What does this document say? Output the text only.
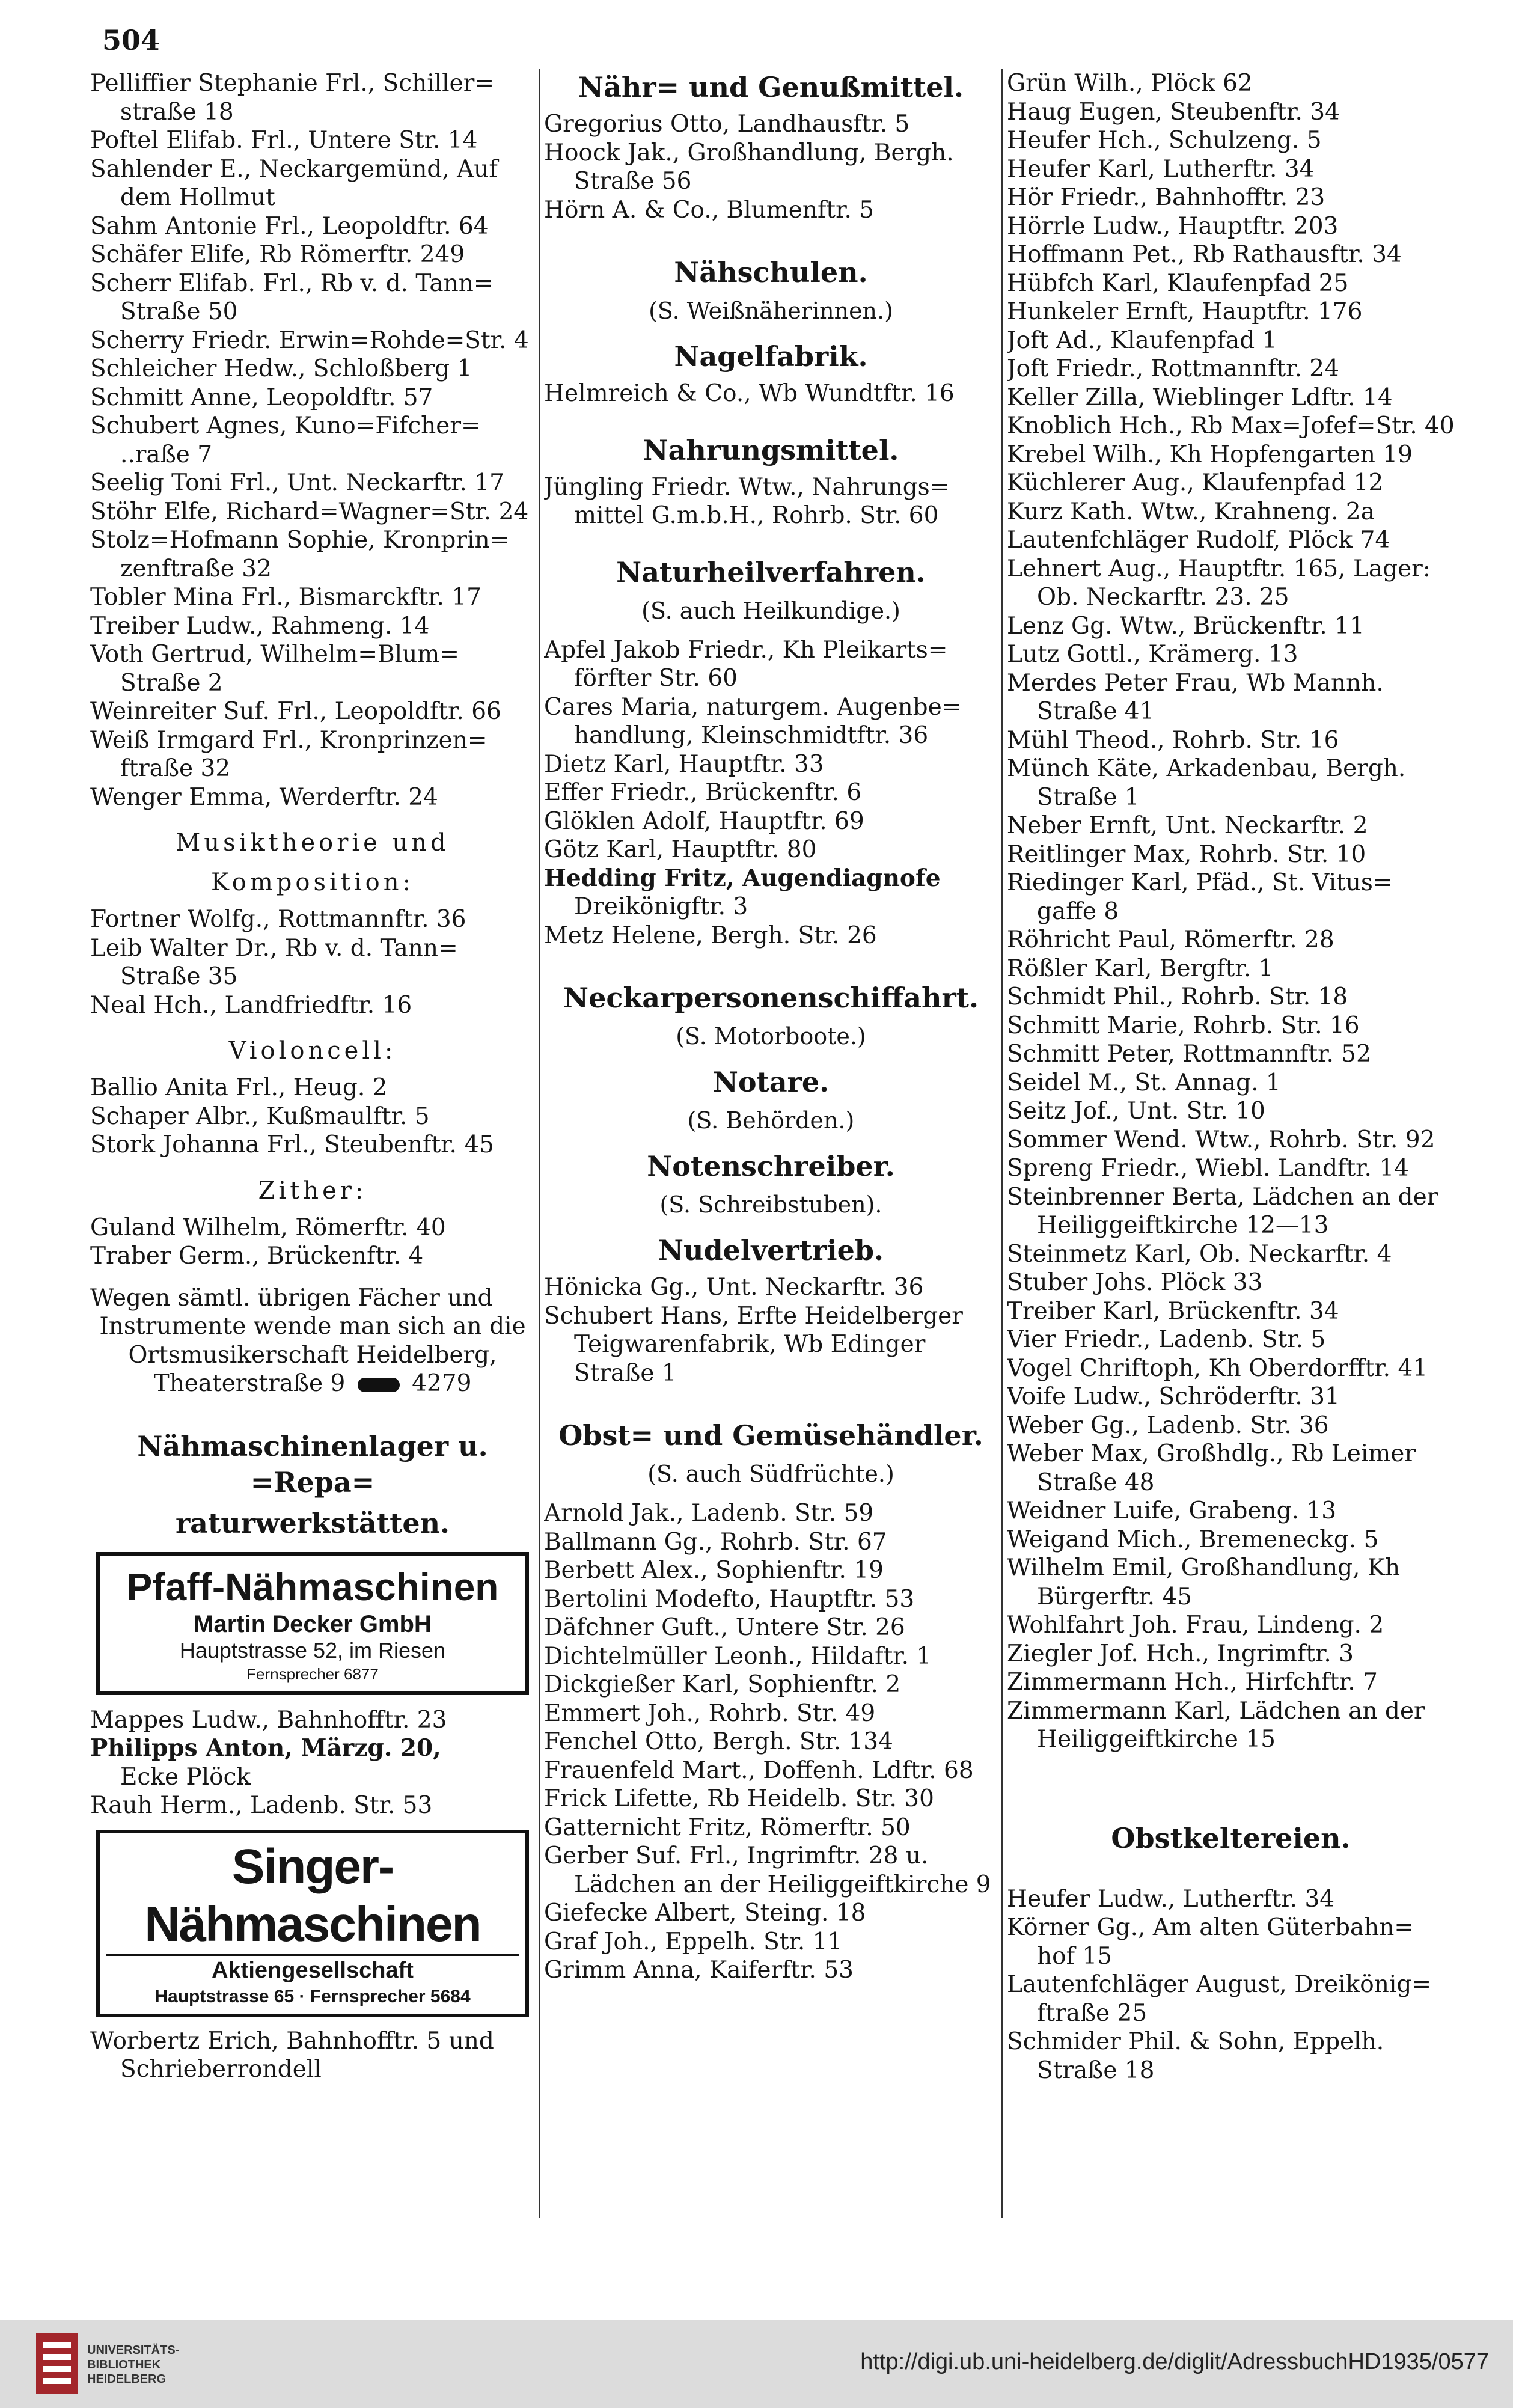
504
Pelliffier Stephanie Frl., Schiller=
straße 18
Poftel Elifab. Frl., Untere Str. 14
Sahlender E., Neckargemünd, Auf
dem Hollmut
Sahm Antonie Frl., Leopoldftr. 64
Schäfer Elife, Rb Römerftr. 249
Scherr Elifab. Frl., Rb v. d. Tann=
Straße 50
Scherry Friedr. Erwin=Rohde=Str. 4
Schleicher Hedw., Schloßberg 1
Schmitt Anne, Leopoldftr. 57
Schubert Agnes, Kuno=Fifcher=
..raße 7
Seelig Toni Frl., Unt. Neckarftr. 17
Stöhr Elfe, Richard=Wagner=Str. 24
Stolz=Hofmann Sophie, Kronprin=
zenftraße 32
Tobler Mina Frl., Bismarckftr. 17
Treiber Ludw., Rahmeng. 14
Voth Gertrud, Wilhelm=Blum=
Straße 2
Weinreiter Suf. Frl., Leopoldftr. 66
Weiß Irmgard Frl., Kronprinzen=
ftraße 32
Wenger Emma, Werderftr. 24
Musiktheorie und
Komposition:
Fortner Wolfg., Rottmannftr. 36
Leib Walter Dr., Rb v. d. Tann=
Straße 35
Neal Hch., Landfriedftr. 16
Violoncell:
Ballio Anita Frl., Heug. 2
Schaper Albr., Kußmaulftr. 5
Stork Johanna Frl., Steubenftr. 45
Zither:
Guland Wilhelm, Römerftr. 40
Traber Germ., Brückenftr. 4
Wegen sämtl. übrigen Fächer und
Instrumente wende man sich an die
Ortsmusikerschaft Heidelberg,
Theaterstraße 9	4279
Nähmaschinenlager u. =Repa=
raturwerkstätten.
Pfaff-Nähmaschinen
Martin Decker GmbH
Hauptstrasse 52, im Riesen
Fernsprecher 6877
Mappes Ludw., Bahnhofftr. 23
Philipps Anton, Märzg. 20,
Ecke Plöck
Rauh Herm., Ladenb. Str. 53
Singer-Nähmaschinen
Aktiengesellschaft
Hauptstrasse 65 · Fernsprecher 5684
Worbertz Erich, Bahnhofftr. 5 und
Schrieberrondell
Nähr= und Genußmittel.
Gregorius Otto, Landhausftr. 5
Hoock Jak., Großhandlung, Bergh.
Straße 56
Hörn A. & Co., Blumenftr. 5
Nähschulen.
(S. Weißnäherinnen.)
Nagelfabrik.
Helmreich & Co., Wb Wundtftr. 16
Nahrungsmittel.
Jüngling Friedr. Wtw., Nahrungs=
mittel G.m.b.H., Rohrb. Str. 60
Naturheilverfahren.
(S. auch Heilkundige.)
Apfel Jakob Friedr., Kh Pleikarts=
förfter Str. 60
Cares Maria, naturgem. Augenbe=
handlung, Kleinschmidtftr. 36
Dietz Karl, Hauptftr. 33
Effer Friedr., Brückenftr. 6
Glöklen Adolf, Hauptftr. 69
Götz Karl, Hauptftr. 80
Hedding Fritz, Augendiagnofe
Dreikönigftr. 3
Metz Helene, Bergh. Str. 26
Neckarpersonenschiffahrt.
(S. Motorboote.)
Notare.
(S. Behörden.)
Notenschreiber.
(S. Schreibstuben).
Nudelvertrieb.
Hönicka Gg., Unt. Neckarftr. 36
Schubert Hans, Erfte Heidelberger
Teigwarenfabrik, Wb Edinger
Straße 1
Obst= und Gemüsehändler.
(S. auch Südfrüchte.)
Arnold Jak., Ladenb. Str. 59
Ballmann Gg., Rohrb. Str. 67
Berbett Alex., Sophienftr. 19
Bertolini Modefto, Hauptftr. 53
Däfchner Guft., Untere Str. 26
Dichtelmüller Leonh., Hildaftr. 1
Dickgießer Karl, Sophienftr. 2
Emmert Joh., Rohrb. Str. 49
Fenchel Otto, Bergh. Str. 134
Frauenfeld Mart., Doffenh. Ldftr. 68
Frick Lifette, Rb Heidelb. Str. 30
Gatternicht Fritz, Römerftr. 50
Gerber Suf. Frl., Ingrimftr. 28 u.
Lädchen an der Heiliggeiftkirche 9
Giefecke Albert, Steing. 18
Graf Joh., Eppelh. Str. 11
Grimm Anna, Kaiferftr. 53
Grün Wilh., Plöck 62
Haug Eugen, Steubenftr. 34
Heufer Hch., Schulzeng. 5
Heufer Karl, Lutherftr. 34
Hör Friedr., Bahnhofftr. 23
Hörrle Ludw., Hauptftr. 203
Hoffmann Pet., Rb Rathausftr. 34
Hübfch Karl, Klaufenpfad 25
Hunkeler Ernft, Hauptftr. 176
Joft Ad., Klaufenpfad 1
Joft Friedr., Rottmannftr. 24
Keller Zilla, Wieblinger Ldftr. 14
Knoblich Hch., Rb Max=Jofef=Str. 40
Krebel Wilh., Kh Hopfengarten 19
Küchlerer Aug., Klaufenpfad 12
Kurz Kath. Wtw., Krahneng. 2a
Lautenfchläger Rudolf, Plöck 74
Lehnert Aug., Hauptftr. 165, Lager:
Ob. Neckarftr. 23. 25
Lenz Gg. Wtw., Brückenftr. 11
Lutz Gottl., Krämerg. 13
Merdes Peter Frau, Wb Mannh.
Straße 41
Mühl Theod., Rohrb. Str. 16
Münch Käte, Arkadenbau, Bergh.
Straße 1
Neber Ernft, Unt. Neckarftr. 2
Reitlinger Max, Rohrb. Str. 10
Riedinger Karl, Pfäd., St. Vitus=
gaffe 8
Röhricht Paul, Römerftr. 28
Rößler Karl, Bergftr. 1
Schmidt Phil., Rohrb. Str. 18
Schmitt Marie, Rohrb. Str. 16
Schmitt Peter, Rottmannftr. 52
Seidel M., St. Annag. 1
Seitz Jof., Unt. Str. 10
Sommer Wend. Wtw., Rohrb. Str. 92
Spreng Friedr., Wiebl. Landftr. 14
Steinbrenner Berta, Lädchen an der
Heiliggeiftkirche 12—13
Steinmetz Karl, Ob. Neckarftr. 4
Stuber Johs. Plöck 33
Treiber Karl, Brückenftr. 34
Vier Friedr., Ladenb. Str. 5
Vogel Chriftoph, Kh Oberdorfftr. 41
Voife Ludw., Schröderftr. 31
Weber Gg., Ladenb. Str. 36
Weber Max, Großhdlg., Rb Leimer
Straße 48
Weidner Luife, Grabeng. 13
Weigand Mich., Bremeneckg. 5
Wilhelm Emil, Großhandlung, Kh
Bürgerftr. 45
Wohlfahrt Joh. Frau, Lindeng. 2
Ziegler Jof. Hch., Ingrimftr. 3
Zimmermann Hch., Hirfchftr. 7
Zimmermann Karl, Lädchen an der
Heiliggeiftkirche 15
Obstkeltereien.
Heufer Ludw., Lutherftr. 34
Körner Gg., Am alten Güterbahn=
hof 15
Lautenfchläger August, Dreikönig=
ftraße 25
Schmider Phil. & Sohn, Eppelh.
Straße 18
UNIVERSITÄTS-
BIBLIOTHEK
HEIDELBERG
http://digi.ub.uni-heidelberg.de/diglit/AdressbuchHD1935/0577
